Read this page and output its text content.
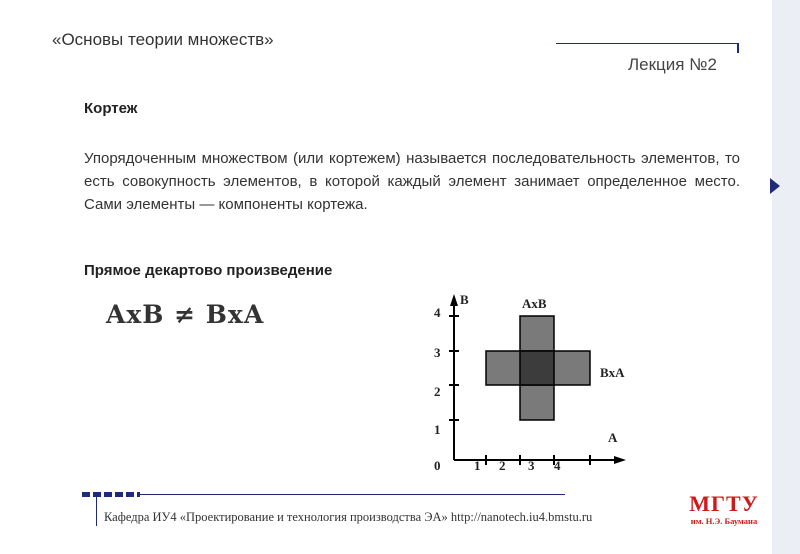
«Основы теории множеств»
Лекция №2
Кортеж

Упорядоченным множеством (или кортежем) называется последовательность элементов, то есть совокупность элементов, в которой каждый элемент занимает определенное место. Сами элементы — компоненты кортежа.

Прямое декартово произведение
AxB ≠ BxA
B
A
AxB
BxA
1
2
3
4
0	1 2 3 4
Кафедра ИУ4 «Проектирование и технология производства ЭА» http://nanotech.iu4.bmstu.ru
МГТУ
им. Н.Э. Баумана
